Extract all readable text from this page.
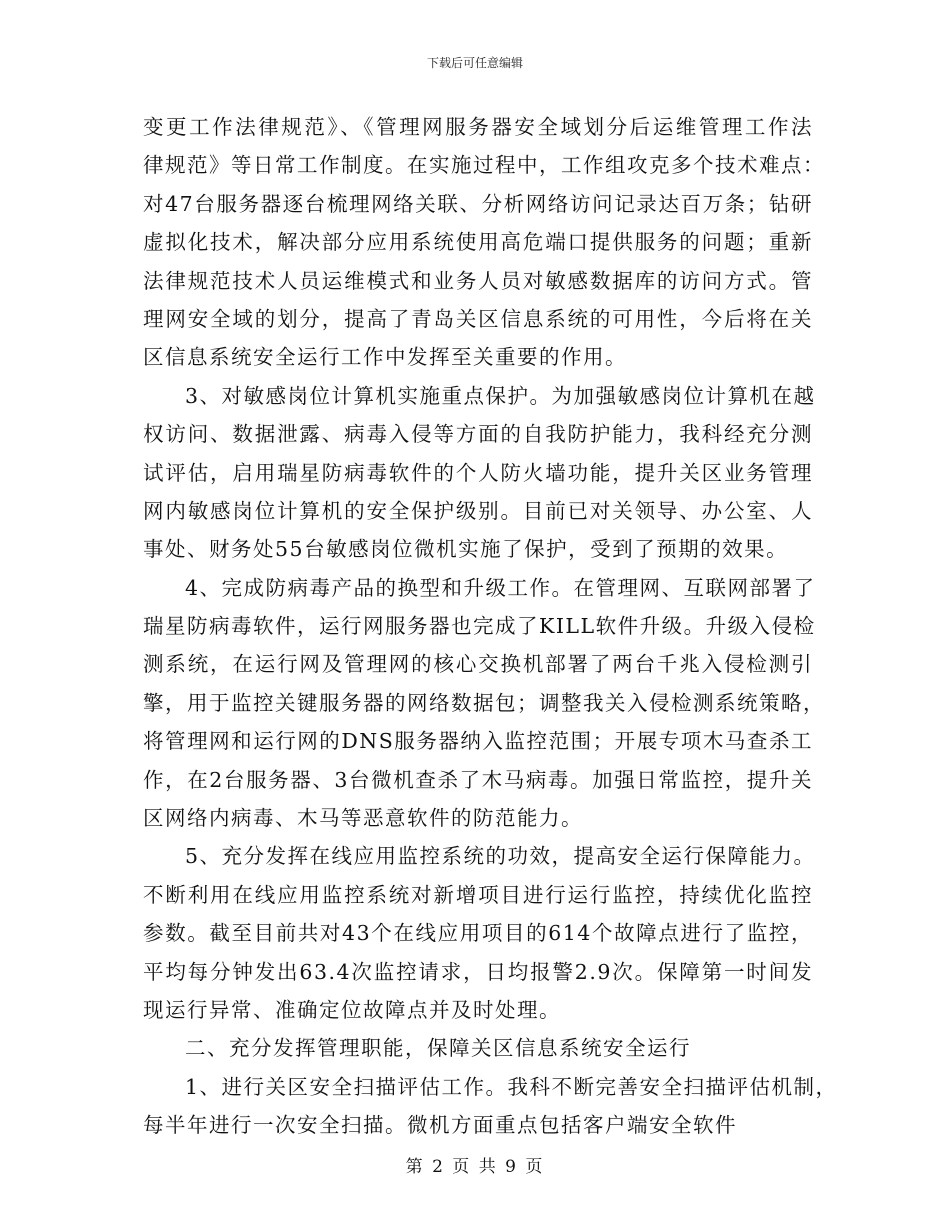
下载后可任意编辑
变更工作法律规范》、《管理网服务器安全域划分后运维管理工作法
律规范》等日常工作制度。在实施过程中，工作组攻克多个技术难点：
对47台服务器逐台梳理网络关联、分析网络访问记录达百万条；钻研
虚拟化技术，解决部分应用系统使用高危端口提供服务的问题；重新
法律规范技术人员运维模式和业务人员对敏感数据库的访问方式。管
理网安全域的划分，提高了青岛关区信息系统的可用性，今后将在关
区信息系统安全运行工作中发挥至关重要的作用。
3、对敏感岗位计算机实施重点保护。为加强敏感岗位计算机在越
权访问、数据泄露、病毒入侵等方面的自我防护能力，我科经充分测
试评估，启用瑞星防病毒软件的个人防火墙功能，提升关区业务管理
网内敏感岗位计算机的安全保护级别。目前已对关领导、办公室、人
事处、财务处55台敏感岗位微机实施了保护，受到了预期的效果。
4、完成防病毒产品的换型和升级工作。在管理网、互联网部署了
瑞星防病毒软件，运行网服务器也完成了KILL软件升级。升级入侵检
测系统，在运行网及管理网的核心交换机部署了两台千兆入侵检测引
擎，用于监控关键服务器的网络数据包；调整我关入侵检测系统策略，
将管理网和运行网的DNS服务器纳入监控范围；开展专项木马查杀工
作，在2台服务器、3台微机查杀了木马病毒。加强日常监控，提升关
区网络内病毒、木马等恶意软件的防范能力。
5、充分发挥在线应用监控系统的功效，提高安全运行保障能力。
不断利用在线应用监控系统对新增项目进行运行监控，持续优化监控
参数。截至目前共对43个在线应用项目的614个故障点进行了监控，
平均每分钟发出63.4次监控请求，日均报警2.9次。保障第一时间发
现运行异常、准确定位故障点并及时处理。
二、充分发挥管理职能，保障关区信息系统安全运行
1、进行关区安全扫描评估工作。我科不断完善安全扫描评估机制，
每半年进行一次安全扫描。微机方面重点包括客户端安全软件
第 2 页 共 9 页
